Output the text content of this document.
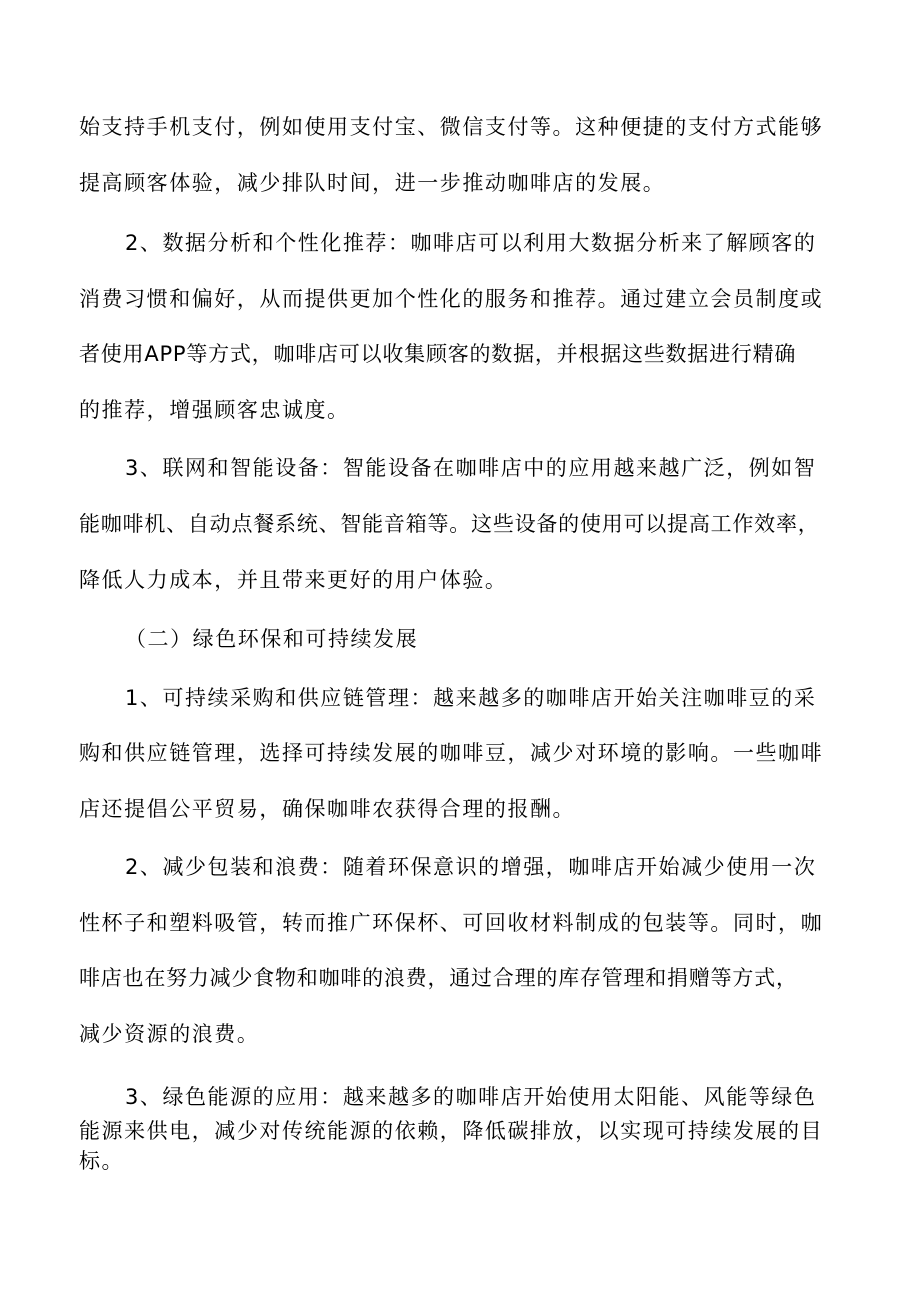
始支持手机支付，例如使用支付宝、微信支付等。这种便捷的支付方式能够

提高顾客体验，减少排队时间，进一步推动咖啡店的发展。

2、数据分析和个性化推荐：咖啡店可以利用大数据分析来了解顾客的

消费习惯和偏好，从而提供更加个性化的服务和推荐。通过建立会员制度或

者使用APP等方式，咖啡店可以收集顾客的数据，并根据这些数据进行精确

的推荐，增强顾客忠诚度。

3、联网和智能设备：智能设备在咖啡店中的应用越来越广泛，例如智

能咖啡机、自动点餐系统、智能音箱等。这些设备的使用可以提高工作效率，

降低人力成本，并且带来更好的用户体验。

（二）绿色环保和可持续发展

1、可持续采购和供应链管理：越来越多的咖啡店开始关注咖啡豆的采

购和供应链管理，选择可持续发展的咖啡豆，减少对环境的影响。一些咖啡

店还提倡公平贸易，确保咖啡农获得合理的报酬。

2、减少包装和浪费：随着环保意识的增强，咖啡店开始减少使用一次

性杯子和塑料吸管，转而推广环保杯、可回收材料制成的包装等。同时，咖

啡店也在努力减少食物和咖啡的浪费，通过合理的库存管理和捐赠等方式，

减少资源的浪费。

3、绿色能源的应用：越来越多的咖啡店开始使用太阳能、风能等绿色

能源来供电，减少对传统能源的依赖，降低碳排放，以实现可持续发展的目

标。
